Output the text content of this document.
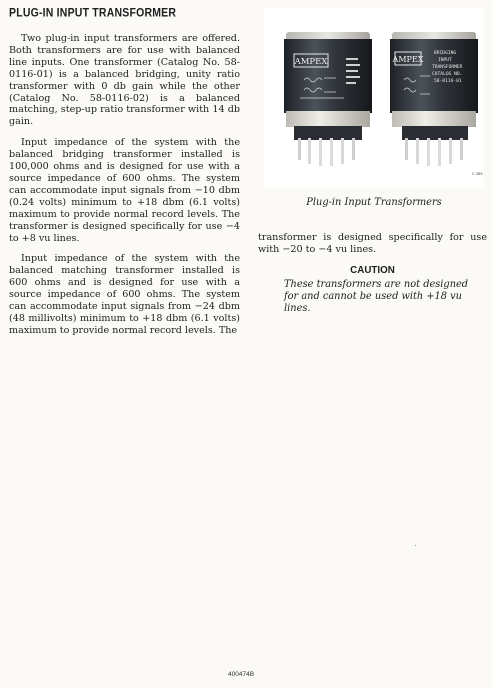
PLUG-IN INPUT TRANSFORMER

Two plug-in input transformers are offered. Both transformers are for use with balanced line inputs. One transformer (Catalog No. 58-0116-01) is a balanced bridging, unity ratio transformer with 0 db gain while the other (Catalog No. 58-0116-02) is a balanced matching, step-up ratio transformer with 14 db gain.

Input impedance of the system with the balanced bridging transformer installed is 100,000 ohms and is designed for use with a source impedance of 600 ohms. The system can accommodate input signals from −10 dbm (0.24 volts) minimum to +18 dbm (6.1 volts) maximum to provide normal record levels. The transformer is designed specifically for use −4 to +8 vu lines.

Input impedance of the system with the balanced matching transformer installed is 600 ohms and is designed for use with a source impedance of 600 ohms. The system can accommodate input signals from −24 dbm (48 millivolts) minimum to +18 dbm (6.1 volts) maximum to provide normal record levels. The

AMPEX	AMPEX
BRIDGING
INPUT
TRANSFORMER
CATALOG NO.
58-0116-01
C-369
Plug-in Input Transformers

transformer is designed specifically for use with −20 to −4 vu lines.

CAUTION
These transformers are not designed for and cannot be used with +18 vu lines.
400474B
